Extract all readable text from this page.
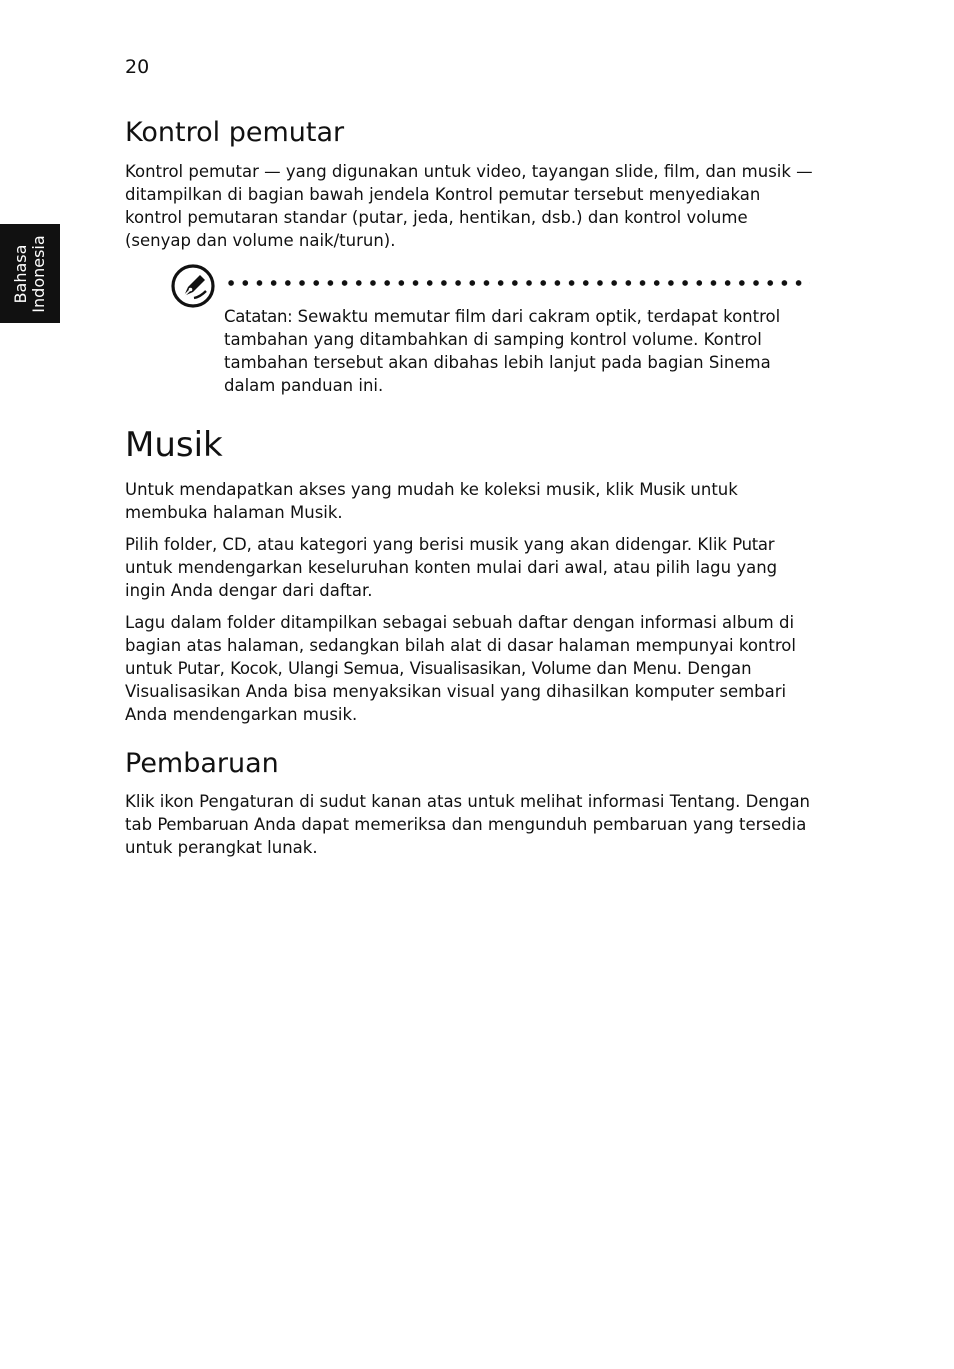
20
Bahasa
Indonesia
Kontrol pemutar

Kontrol pemutar — yang digunakan untuk video, tayangan slide, film, dan musik — ditampilkan di bagian bawah jendela Kontrol pemutar tersebut menyediakan kontrol pemutaran standar (putar, jeda, hentikan, dsb.) dan kontrol volume (senyap dan volume naik/turun).

Musik

Untuk mendapatkan akses yang mudah ke koleksi musik, klik Musik untuk membuka halaman Musik.

Pilih folder, CD, atau kategori yang berisi musik yang akan didengar. Klik Putar untuk mendengarkan keseluruhan konten mulai dari awal, atau pilih lagu yang ingin Anda dengar dari daftar.

Lagu dalam folder ditampilkan sebagai sebuah daftar dengan informasi album di bagian atas halaman, sedangkan bilah alat di dasar halaman mempunyai kontrol untuk Putar, Kocok, Ulangi Semua, Visualisasikan, Volume dan Menu. Dengan Visualisasikan Anda bisa menyaksikan visual yang dihasilkan komputer sembari Anda mendengarkan musik.

Pembaruan

Klik ikon Pengaturan di sudut kanan atas untuk melihat informasi Tentang. Dengan tab Pembaruan Anda dapat memeriksa dan mengunduh pembaruan yang tersedia untuk perangkat lunak.

Catatan: Sewaktu memutar film dari cakram optik, terdapat kontrol tambahan yang ditambahkan di samping kontrol volume. Kontrol tambahan tersebut akan dibahas lebih lanjut pada bagian Sinema dalam panduan ini.
